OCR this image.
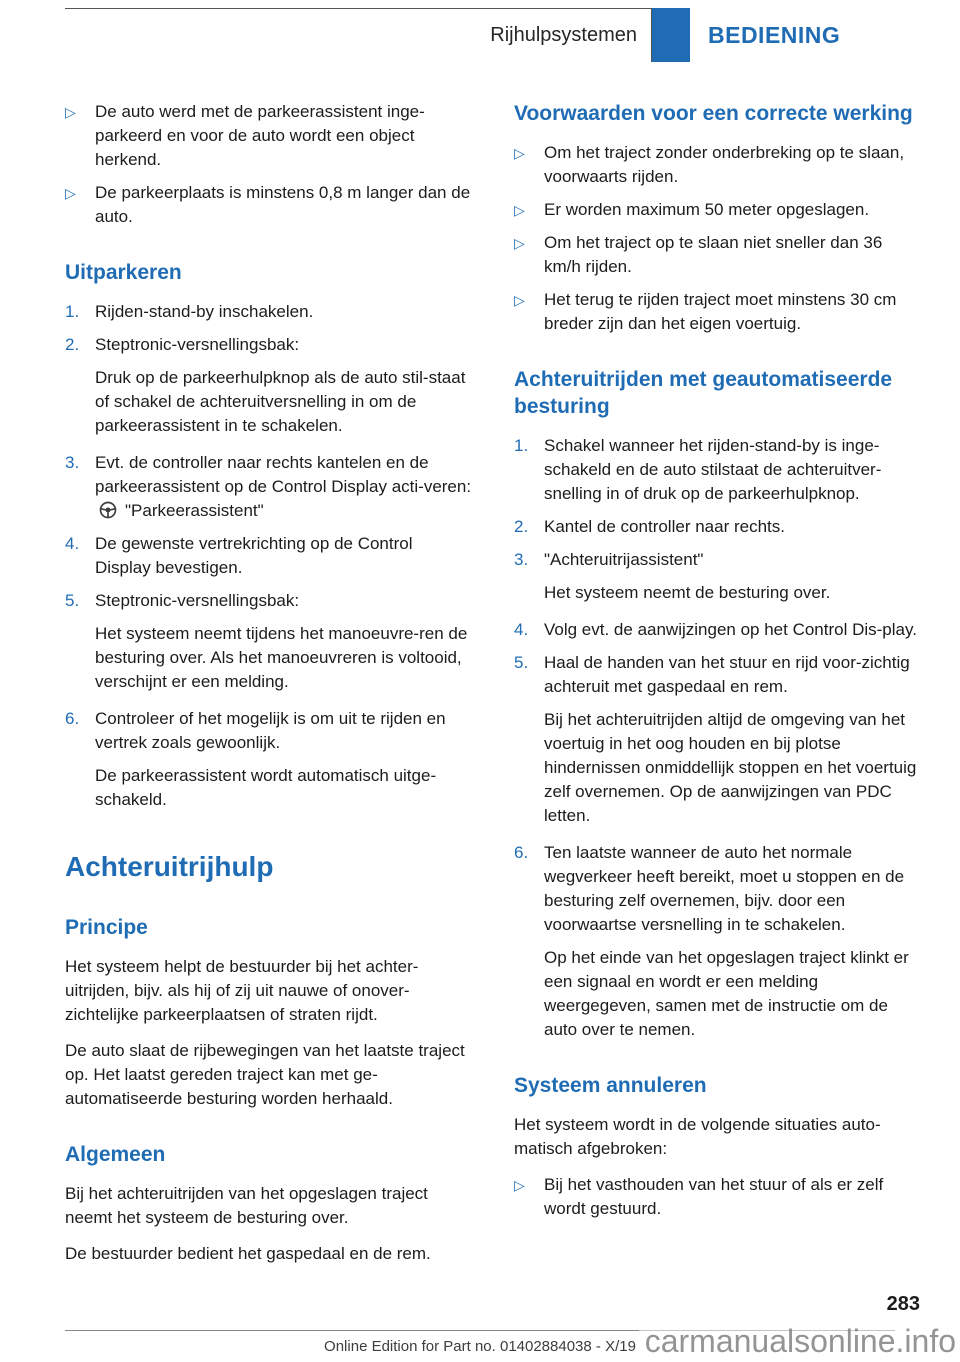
Rijhulpsystemen	BEDIENING
▷	De auto werd met de parkeerassistent inge-parkeerd en voor de auto wordt een object herkend.
▷	De parkeerplaats is minstens 0,8 m langer dan de auto.
Uitparkeren
1. Rijden-stand-by inschakelen.
2. Steptronic-versnellingsbak:

Druk op de parkeerhulpknop als de auto stil-staat of schakel de achteruitversnelling in om de parkeerassistent in te schakelen.

3. Evt. de controller naar rechts kantelen en de parkeerassistent op de Control Display acti-veren: "Parkeerassistent"
4. De gewenste vertrekrichting op de Control Display bevestigen.
5. Steptronic-versnellingsbak:

Het systeem neemt tijdens het manoeuvre-ren de besturing over. Als het manoeuvreren is voltooid, verschijnt er een melding.

6. Controleer of het mogelijk is om uit te rijden en vertrek zoals gewoonlijk.

De parkeerassistent wordt automatisch uitge-schakeld.

Achteruitrijhulp
Principe

Het systeem helpt de bestuurder bij het achter-uitrijden, bijv. als hij of zij uit nauwe of onover-zichtelijke parkeerplaatsen of straten rijdt.

De auto slaat de rijbewegingen van het laatste traject op. Het laatst gereden traject kan met ge-automatiseerde besturing worden herhaald.

Algemeen

Bij het achteruitrijden van het opgeslagen traject neemt het systeem de besturing over.

De bestuurder bedient het gaspedaal en de rem.

Voorwaarden voor een correcte werking
▷	Om het traject zonder onderbreking op te slaan, voorwaarts rijden.
▷	Er worden maximum 50 meter opgeslagen.
▷	Om het traject op te slaan niet sneller dan 36 km/h rijden.
▷	Het terug te rijden traject moet minstens 30 cm breder zijn dan het eigen voertuig.
Achteruitrijden met geautomatiseerde besturing
1. Schakel wanneer het rijden-stand-by is inge-schakeld en de auto stilstaat de achteruitver-snelling in of druk op de parkeerhulpknop.
2. Kantel de controller naar rechts.
3. "Achteruitrijassistent"

Het systeem neemt de besturing over.

4. Volg evt. de aanwijzingen op het Control Dis-play.
5. Haal de handen van het stuur en rijd voor-zichtig achteruit met gaspedaal en rem.

Bij het achteruitrijden altijd de omgeving van het voertuig in het oog houden en bij plotse hindernissen onmiddellijk stoppen en het voertuig zelf overnemen. Op de aanwijzingen van PDC letten.

6. Ten laatste wanneer de auto het normale wegverkeer heeft bereikt, moet u stoppen en de besturing zelf overnemen, bijv. door een voorwaartse versnelling in te schakelen.

Op het einde van het opgeslagen traject klinkt er een signaal en wordt er een melding weergegeven, samen met de instructie om de auto over te nemen.

Systeem annuleren

Het systeem wordt in de volgende situaties auto-matisch afgebroken:

▷	Bij het vasthouden van het stuur of als er zelf wordt gestuurd.
283
Online Edition for Part no. 01402884038 - X/19 carmanualsonline.info
